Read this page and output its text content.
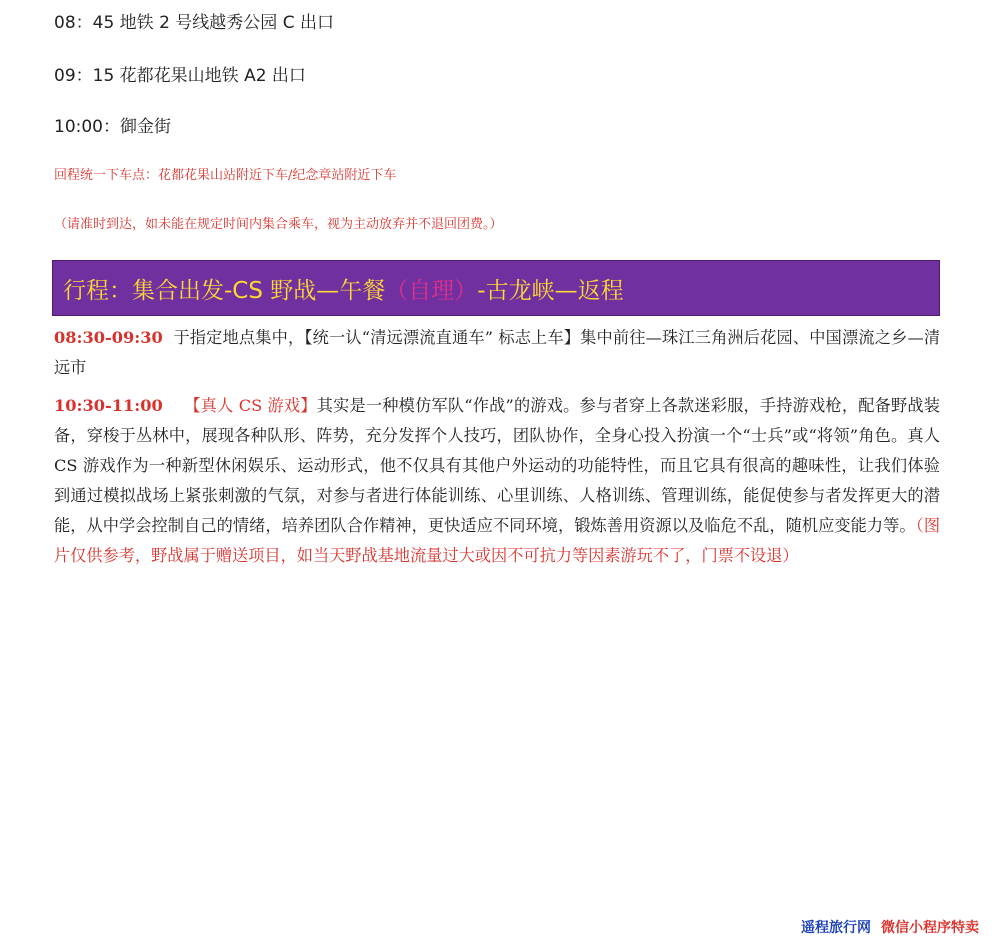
08：45 地铁 2 号线越秀公园 C 出口
09：15 花都花果山地铁 A2 出口
10:00：御金街
回程统一下车点：花都花果山站附近下车/纪念章站附近下车
（请准时到达，如未能在规定时间内集合乘车，视为主动放弃并不退回团费。）
行程：集合出发-CS 野战—午餐 （自理） -古龙峡—返程
08:30-09:30 于指定地点集中，【统一认“清远漂流直通车” 标志上车】集中前往—珠江三角洲后花园、中国漂流之乡—清远市
10:30-11:00 【真人 CS 游戏】其实是一种模仿军队“作战”的游戏。参与者穿上各款迷彩服，手持游戏枪，配备野战装备，穿梭于丛林中，展现各种队形、阵势，充分发挥个人技巧，团队协作，全身心投入扮演一个“士兵”或“将领”角色。真人 CS 游戏作为一种新型休闲娱乐、运动形式，他不仅具有其他户外运动的功能特性，而且它具有很高的趣味性，让我们体验到通过模拟战场上紧张刺激的气氛，对参与者进行体能训练、心里训练、人格训练、管理训练，能促使参与者发挥更大的潜能，从中学会控制自己的情绪，培养团队合作精神，更快适应不同环境，锻炼善用资源以及临危不乱，随机应变能力等。（图片仅供参考，野战属于赠送项目，如当天野战基地流量过大或因不可抗力等因素游玩不了，门票不设退）
遥程旅行网 微信小程序特卖
